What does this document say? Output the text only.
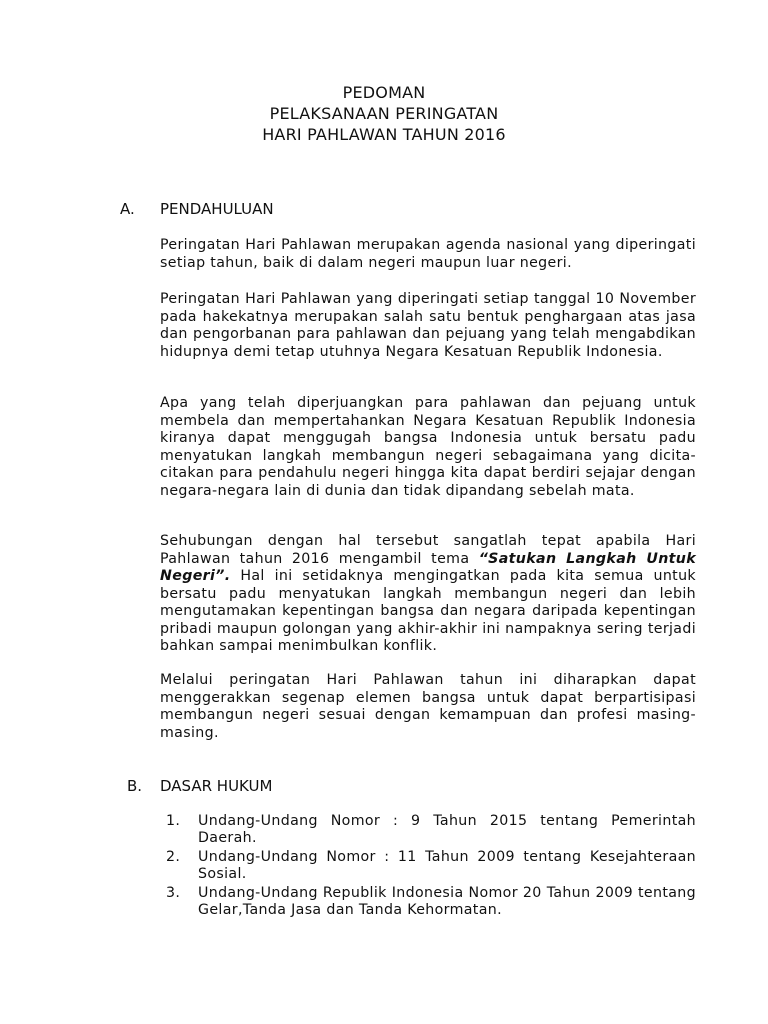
PEDOMAN
PELAKSANAAN PERINGATAN
HARI PAHLAWAN TAHUN 2016
A. PENDAHULUAN

Peringatan Hari Pahlawan merupakan agenda nasional yang diperingati setiap tahun, baik di dalam negeri maupun luar negeri.

Peringatan Hari Pahlawan yang diperingati setiap tanggal 10 November pada hakekatnya merupakan salah satu bentuk penghargaan atas jasa dan pengorbanan para pahlawan dan pejuang yang telah mengabdikan hidupnya demi tetap utuhnya Negara Kesatuan Republik Indonesia.

Apa yang telah diperjuangkan para pahlawan dan pejuang untuk membela dan mempertahankan Negara Kesatuan Republik Indonesia kiranya dapat menggugah bangsa Indonesia untuk bersatu padu menyatukan langkah membangun negeri sebagaimana yang dicita-citakan para pendahulu negeri hingga kita dapat berdiri sejajar dengan negara-negara lain di dunia dan tidak dipandang sebelah mata.

Sehubungan dengan hal tersebut sangatlah tepat apabila Hari Pahlawan tahun 2016 mengambil tema “Satukan Langkah Untuk Negeri”. Hal ini setidaknya mengingatkan pada kita semua untuk bersatu padu menyatukan langkah membangun negeri dan lebih mengutamakan kepentingan bangsa dan negara daripada kepentingan pribadi maupun golongan yang akhir-akhir ini nampaknya sering terjadi bahkan sampai menimbulkan konflik.

Melalui peringatan Hari Pahlawan tahun ini diharapkan dapat menggerakkan segenap elemen bangsa untuk dapat berpartisipasi membangun negeri sesuai dengan kemampuan dan profesi masing-masing.

B. DASAR HUKUM
1. Undang-Undang Nomor : 9 Tahun 2015 tentang Pemerintah Daerah.
2. Undang-Undang Nomor : 11 Tahun 2009 tentang Kesejahteraan Sosial.
3. Undang-Undang Republik Indonesia Nomor 20 Tahun 2009 tentang Gelar,Tanda Jasa dan Tanda Kehormatan.
